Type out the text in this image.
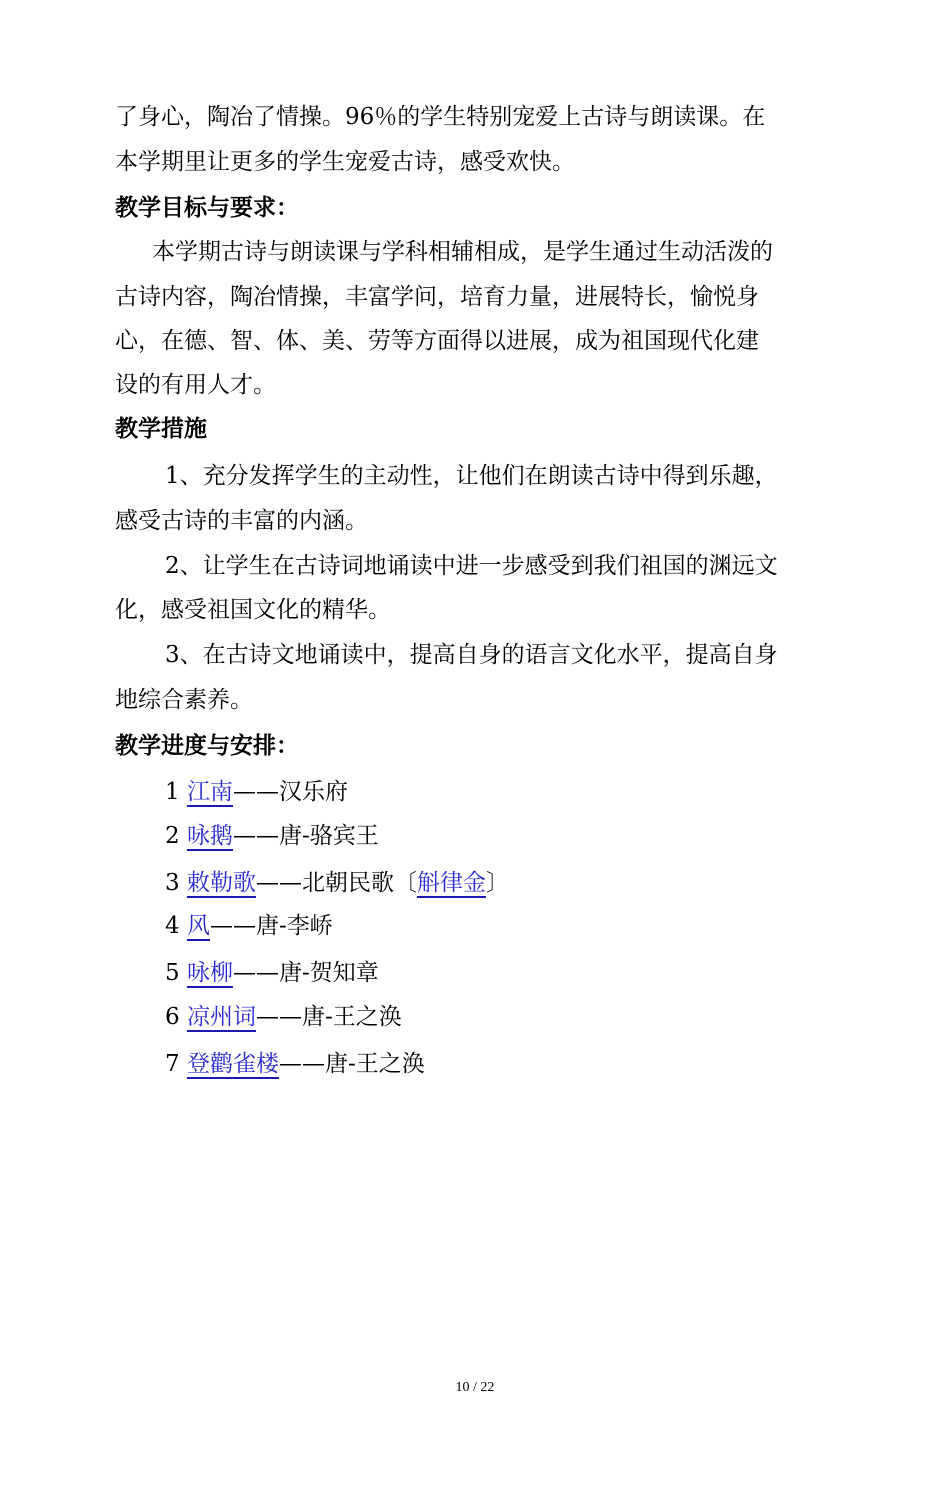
了身心，陶冶了情操。96％的学生特别宠爱上古诗与朗读课。在
本学期里让更多的学生宠爱古诗，感受欢快。
教学目标与要求：
本学期古诗与朗读课与学科相辅相成，是学生通过生动活泼的
古诗内容，陶冶情操，丰富学问，培育力量，进展特长，愉悦身
心，在德、智、体、美、劳等方面得以进展，成为祖国现代化建
设的有用人才。
教学措施
1、充分发挥学生的主动性，让他们在朗读古诗中得到乐趣，
感受古诗的丰富的内涵。
2、让学生在古诗词地诵读中进一步感受到我们祖国的渊远文
化，感受祖国文化的精华。
3、在古诗文地诵读中，提高自身的语言文化水平，提高自身
地综合素养。
教学进度与安排：
1 江南——汉乐府
2 咏鹅——唐-骆宾王
3 敕勒歌——北朝民歌〔斛律金〕
4 风——唐-李峤
5 咏柳——唐-贺知章
6 凉州词——唐-王之涣
7 登鹳雀楼——唐-王之涣
10 / 22
